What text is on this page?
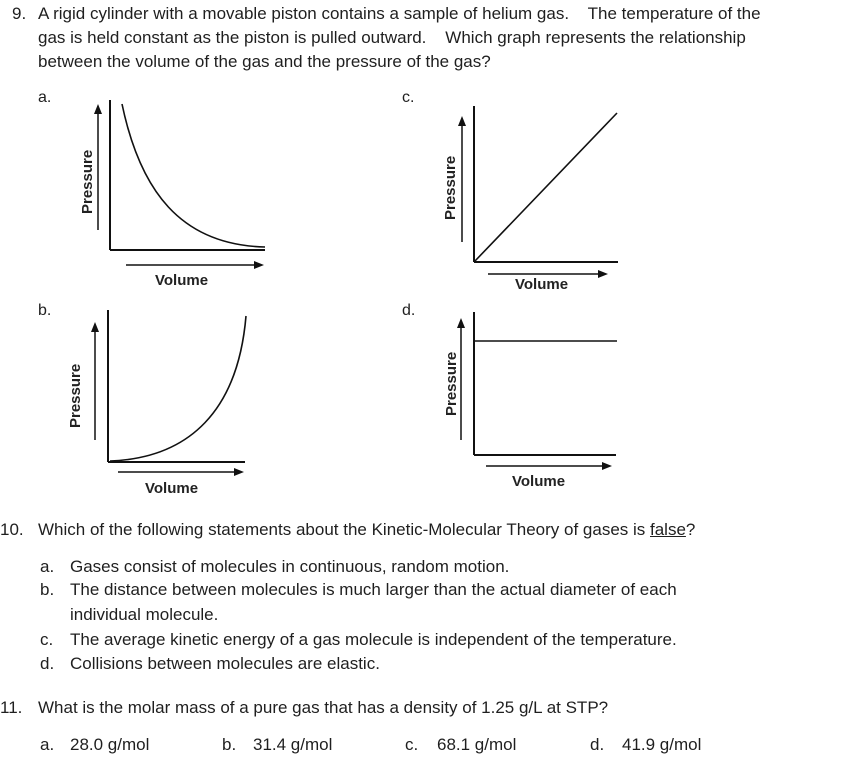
9. A rigid cylinder with a movable piston contains a sample of helium gas.    The temperature of the
gas is held constant as the piston is pulled outward.    Which graph represents the relationship
between the volume of the gas and the pressure of the gas?
a.
b.
c.
d.
Pressure
Volume
Pressure
Volume
Pressure
Volume
Pressure
Volume
10. Which of the following statements about the Kinetic-Molecular Theory of gases is false?
a. Gases consist of molecules in continuous, random motion.
b. The distance between molecules is much larger than the actual diameter of each
individual molecule.
c. The average kinetic energy of a gas molecule is independent of the temperature.
d. Collisions between molecules are elastic.
11. What is the molar mass of a pure gas that has a density of 1.25 g/L at STP?
a. 28.0 g/mol	b. 31.4 g/mol	c. 68.1 g/mol	d. 41.9 g/mol
